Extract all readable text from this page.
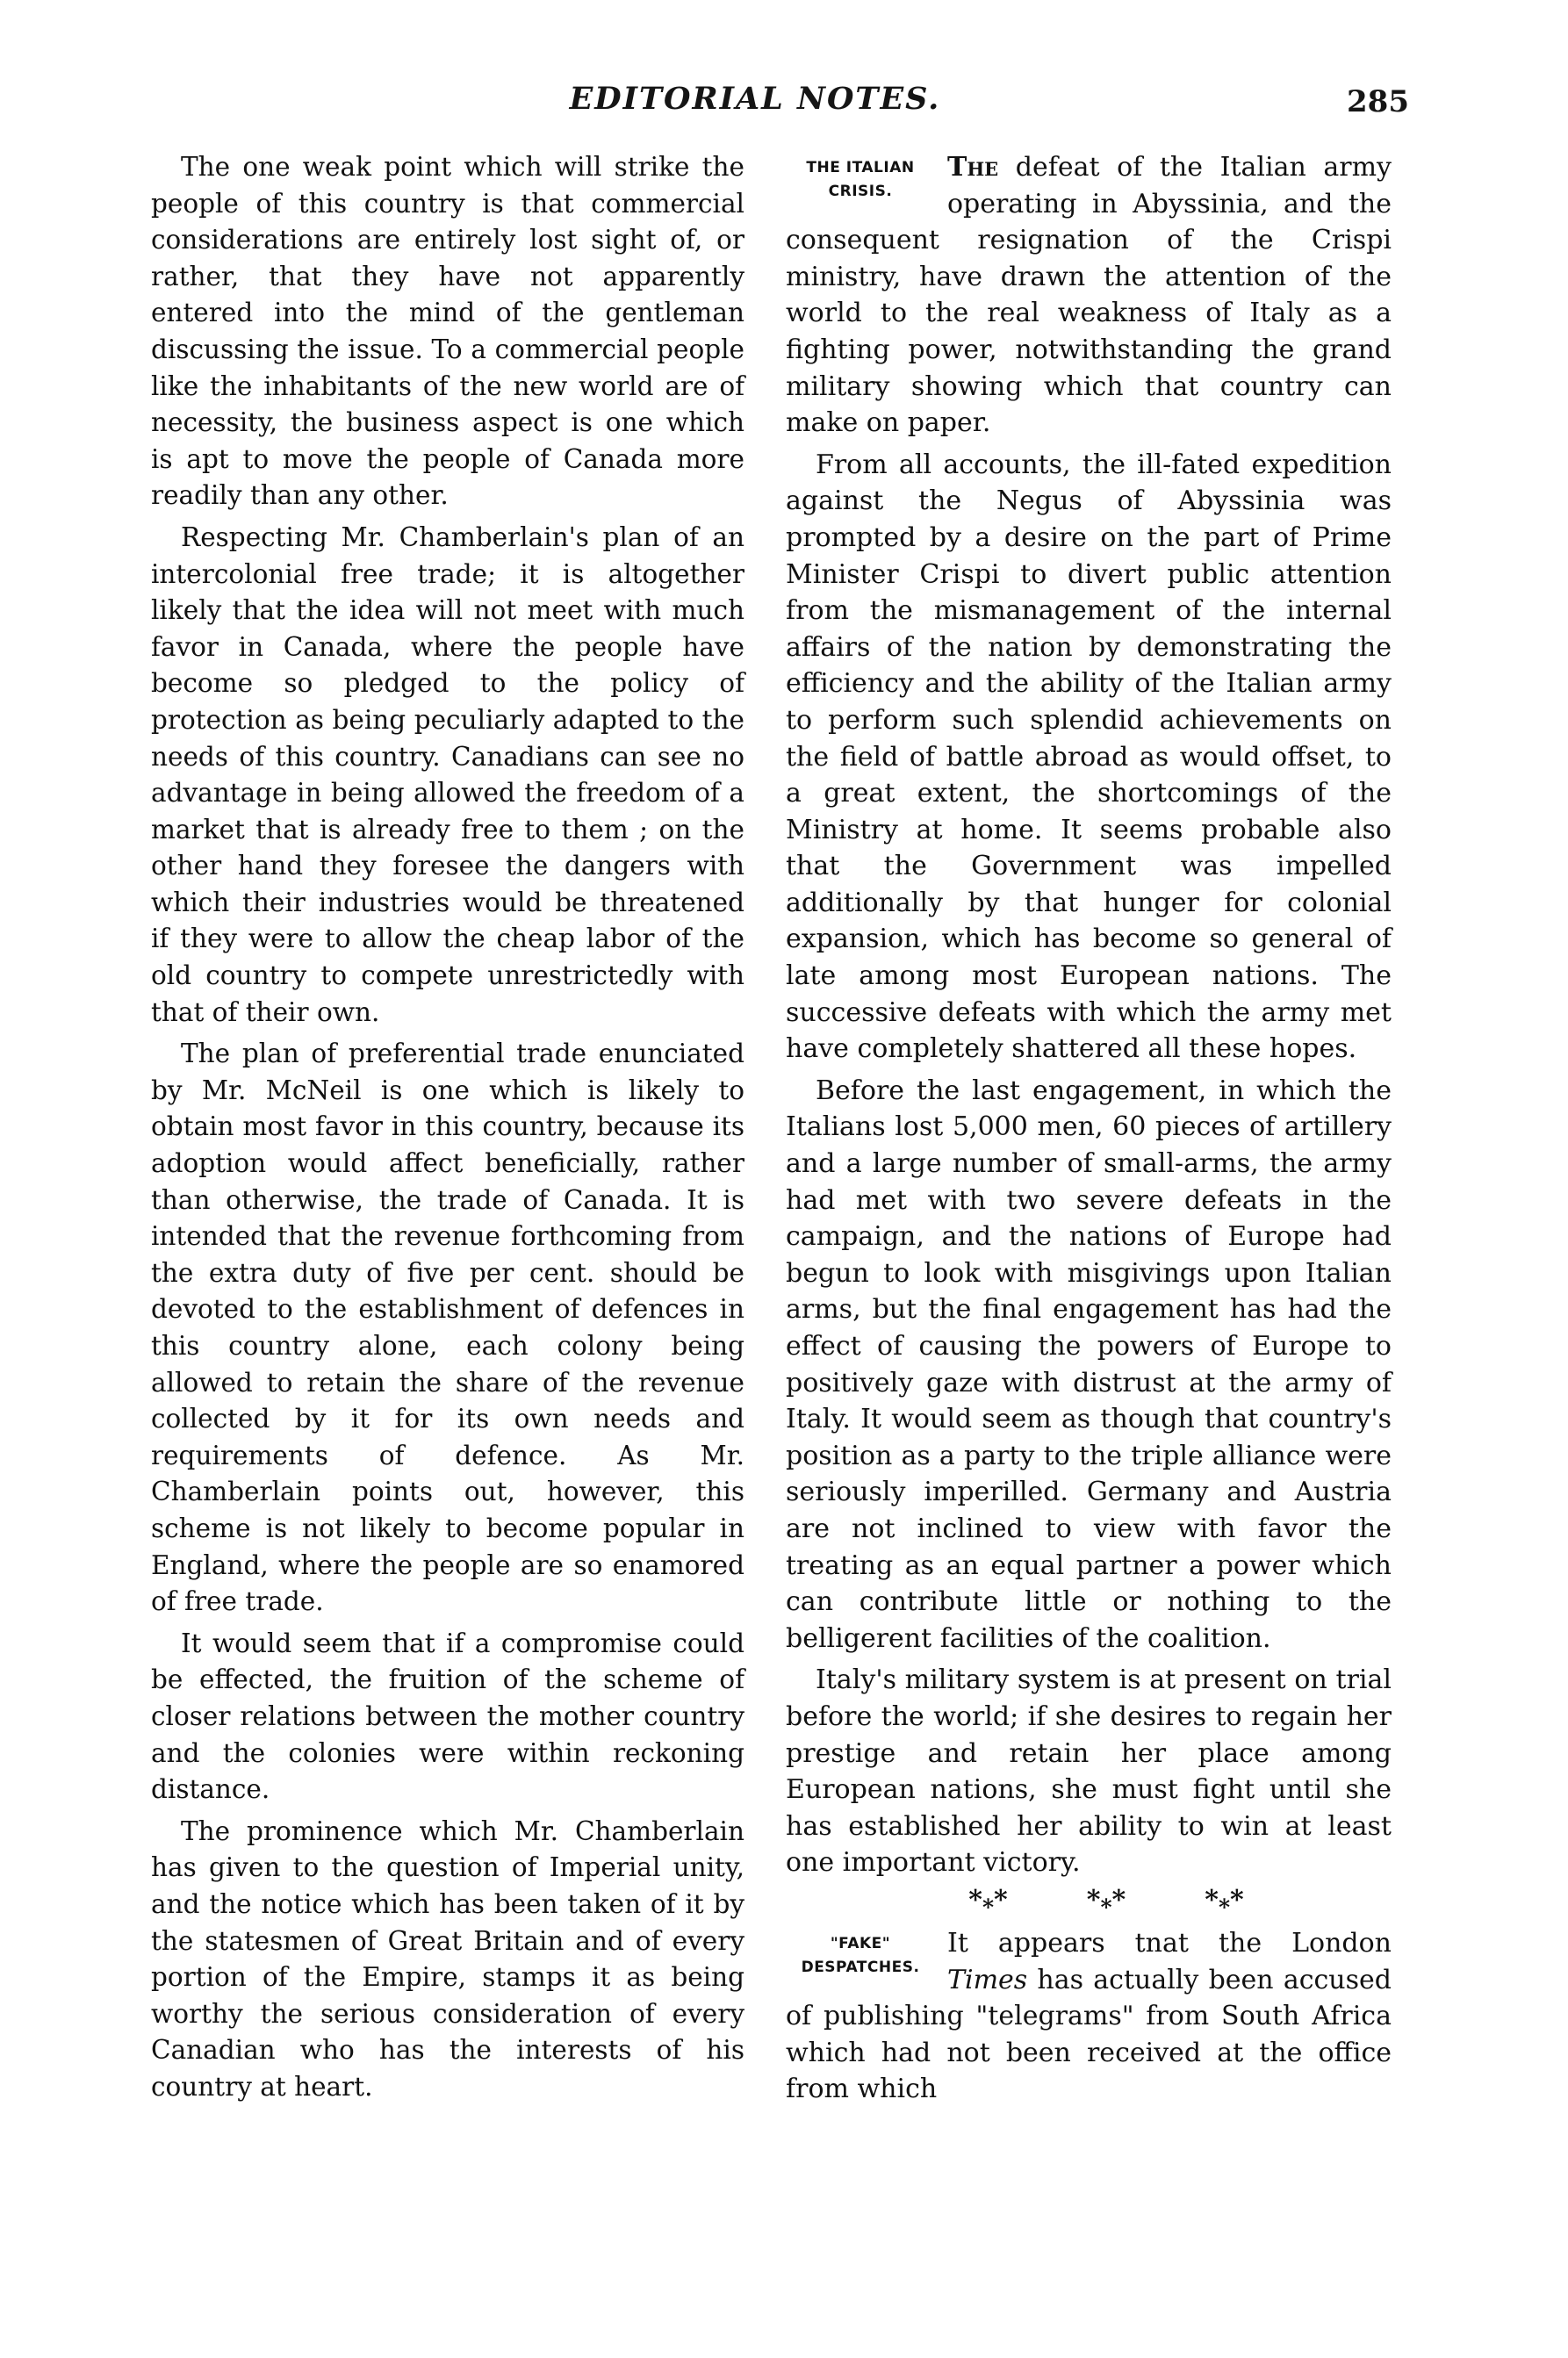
EDITORIAL NOTES.	285

The one weak point which will strike the people of this country is that commercial considerations are entirely lost sight of, or rather, that they have not apparently entered into the mind of the gentleman discussing the issue. To a commercial people like the inhabitants of the new world are of necessity, the business aspect is one which is apt to move the people of Canada more readily than any other.

Respecting Mr. Chamberlain's plan of an intercolonial free trade; it is altogether likely that the idea will not meet with much favor in Canada, where the people have become so pledged to the policy of protection as being peculiarly adapted to the needs of this country. Canadians can see no advantage in being allowed the freedom of a market that is already free to them ; on the other hand they foresee the dangers with which their industries would be threatened if they were to allow the cheap labor of the old country to compete unrestrictedly with that of their own.

The plan of preferential trade enunciated by Mr. McNeil is one which is likely to obtain most favor in this country, because its adoption would affect beneficially, rather than otherwise, the trade of Canada. It is intended that the revenue forthcoming from the extra duty of five per cent. should be devoted to the establishment of defences in this country alone, each colony being allowed to retain the share of the revenue collected by it for its own needs and requirements of defence. As Mr. Chamberlain points out, however, this scheme is not likely to become popular in England, where the people are so enamored of free trade.

It would seem that if a compromise could be effected, the fruition of the scheme of closer relations between the mother country and the colonies were within reckoning distance.

The prominence which Mr. Chamberlain has given to the question of Imperial unity, and the notice which has been taken of it by the statesmen of Great Britain and of every portion of the Empire, stamps it as being worthy the serious consideration of every Canadian who has the interests of his country at heart.

THE ITALIAN
CRISIS.

The defeat of the Italian army operating in Abyssinia, and the consequent resignation of the Crispi ministry, have drawn the attention of the world to the real weakness of Italy as a fighting power, notwithstanding the grand military showing which that country can make on paper.

From all accounts, the ill-fated expedition against the Negus of Abyssinia was prompted by a desire on the part of Prime Minister Crispi to divert public attention from the mismanagement of the internal affairs of the nation by demonstrating the efficiency and the ability of the Italian army to perform such splendid achievements on the field of battle abroad as would offset, to a great extent, the shortcomings of the Ministry at home. It seems probable also that the Government was impelled additionally by that hunger for colonial expansion, which has become so general of late among most European nations. The successive defeats with which the army met have completely shattered all these hopes.

Before the last engagement, in which the Italians lost 5,000 men, 60 pieces of artillery and a large number of small-arms, the army had met with two severe defeats in the campaign, and the nations of Europe had begun to look with misgivings upon Italian arms, but the final engagement has had the effect of causing the powers of Europe to positively gaze with distrust at the army of Italy. It would seem as though that country's position as a party to the triple alliance were seriously imperilled. Germany and Austria are not inclined to view with favor the treating as an equal partner a power which can contribute little or nothing to the belligerent facilities of the coalition.

Italy's military system is at present on trial before the world; if she desires to regain her prestige and retain her place among European nations, she must fight until she has established her ability to win at least one important victory.

$*_**$	$*_**$	$*_**$
"FAKE"
DESPATCHES.

It appears tnat the London Times has actually been accused of publishing "telegrams" from South Africa which had not been received at the office from which
